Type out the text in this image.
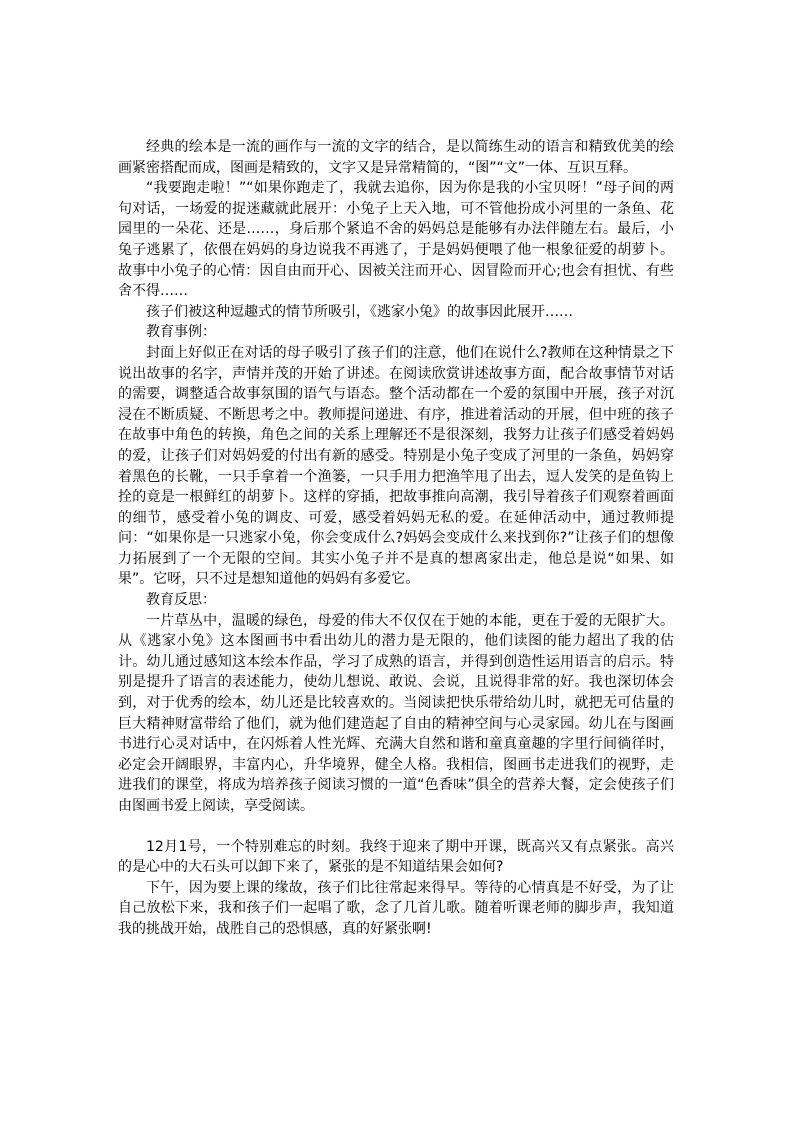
经典的绘本是一流的画作与一流的文字的结合，是以简练生动的语言和精致优美的绘画紧密搭配而成，图画是精致的，文字又是异常精简的，“图”“文”一体、互识互释。

“我要跑走啦！”“如果你跑走了，我就去追你，因为你是我的小宝贝呀！”母子间的两句对话，一场爱的捉迷藏就此展开：小兔子上天入地，可不管他扮成小河里的一条鱼、花园里的一朵花、还是……，身后那个紧追不舍的妈妈总是能够有办法伴随左右。最后，小兔子逃累了，依偎在妈妈的身边说我不再逃了，于是妈妈便喂了他一根象征爱的胡萝卜。故事中小兔子的心情：因自由而开心、因被关注而开心、因冒险而开心;也会有担忧、有些舍不得……

孩子们被这种逗趣式的情节所吸引，《逃家小兔》的故事因此展开……

教育事例：

封面上好似正在对话的母子吸引了孩子们的注意，他们在说什么?教师在这种情景之下说出故事的名字，声情并茂的开始了讲述。在阅读欣赏讲述故事方面，配合故事情节对话的需要，调整适合故事氛围的语气与语态。整个活动都在一个爱的氛围中开展，孩子对沉浸在不断质疑、不断思考之中。教师提问递进、有序，推进着活动的开展，但中班的孩子在故事中角色的转换，角色之间的关系上理解还不是很深刻，我努力让孩子们感受着妈妈的爱，让孩子们对妈妈爱的付出有新的感受。特别是小兔子变成了河里的一条鱼，妈妈穿着黑色的长靴，一只手拿着一个渔篓，一只手用力把渔竿甩了出去，逗人发笑的是鱼钩上拴的竟是一根鲜红的胡萝卜。这样的穿插，把故事推向高潮，我引导着孩子们观察着画面的细节，感受着小兔的调皮、可爱，感受着妈妈无私的爱。在延伸活动中，通过教师提问：“如果你是一只逃家小兔，你会变成什么?妈妈会变成什么来找到你?”让孩子们的想像力拓展到了一个无限的空间。其实小兔子并不是真的想离家出走，他总是说“如果、如果”。它呀，只不过是想知道他的妈妈有多爱它。

教育反思：

一片草丛中，温暖的绿色，母爱的伟大不仅仅在于她的本能，更在于爱的无限扩大。从《逃家小兔》这本图画书中看出幼儿的潜力是无限的，他们读图的能力超出了我的估计。幼儿通过感知这本绘本作品，学习了成熟的语言，并得到创造性运用语言的启示。特别是提升了语言的表述能力，使幼儿想说、敢说、会说，且说得非常的好。我也深切体会到，对于优秀的绘本，幼儿还是比较喜欢的。当阅读把快乐带给幼儿时，就把无可估量的巨大精神财富带给了他们，就为他们建造起了自由的精神空间与心灵家园。幼儿在与图画书进行心灵对话中，在闪烁着人性光辉、充满大自然和谐和童真童趣的字里行间徜徉时，必定会开阔眼界，丰富内心，升华境界，健全人格。我相信，图画书走进我们的视野，走进我们的课堂，将成为培养孩子阅读习惯的一道“色香味”俱全的营养大餐，定会使孩子们由图画书爱上阅读，享受阅读。

12月1号，一个特别难忘的时刻。我终于迎来了期中开课，既高兴又有点紧张。高兴的是心中的大石头可以卸下来了，紧张的是不知道结果会如何?

下午，因为要上课的缘故，孩子们比往常起来得早。等待的心情真是不好受，为了让自己放松下来，我和孩子们一起唱了歌，念了几首儿歌。随着听课老师的脚步声，我知道我的挑战开始，战胜自己的恐惧感，真的好紧张啊!
